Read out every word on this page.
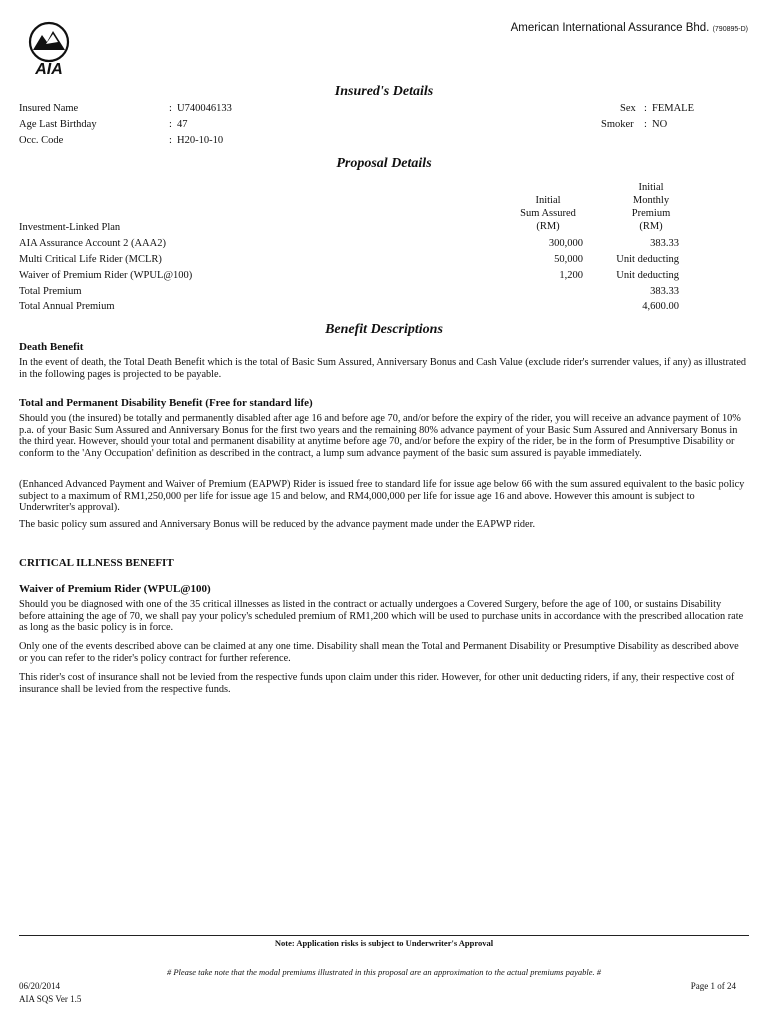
AIA
American International Assurance Bhd. (790895-D)
Insured's Details
Insured Name	: U740046133
Age Last Birthday	: 47
Occ. Code	: H20-10-10
Sex : FEMALE
Smoker : NO
Proposal Details
Initial
Sum Assured
(RM)
Initial
Monthly
Premium
(RM)
Investment-Linked Plan
AIA Assurance Account 2 (AAA2)	300,000	383.33
Multi Critical Life Rider (MCLR)	50,000	Unit deducting
Waiver of Premium Rider (WPUL@100)	1,200	Unit deducting
Total Premium	383.33
Total Annual Premium	4,600.00
Benefit Descriptions
Death Benefit
In the event of death, the Total Death Benefit which is the total of Basic Sum Assured, Anniversary Bonus and Cash Value (exclude rider's surrender values, if any) as illustrated in the following pages is projected to be payable.
Total and Permanent Disability Benefit (Free for standard life)
Should you (the insured) be totally and permanently disabled after age 16 and before age 70, and/or before the expiry of the rider, you will receive an advance payment of 10% p.a. of your Basic Sum Assured and Anniversary Bonus for the first two years and the remaining 80% advance payment of your Basic Sum Assured and Anniversary Bonus in the third year. However, should your total and permanent disability at anytime before age 70, and/or before the expiry of the rider, be in the form of Presumptive Disability or conform to the 'Any Occupation' definition as described in the contract, a lump sum advance payment of the basic sum assured is payable immediately.
(Enhanced Advanced Payment and Waiver of Premium (EAPWP) Rider is issued free to standard life for issue age below 66 with the sum assured equivalent to the basic policy subject to a maximum of RM1,250,000 per life for issue age 15 and below, and RM4,000,000 per life for issue age 16 and above. However this amount is subject to Underwriter's approval).
The basic policy sum assured and Anniversary Bonus will be reduced by the advance payment made under the EAPWP rider.
CRITICAL ILLNESS BENEFIT
Waiver of Premium Rider (WPUL@100)
Should you be diagnosed with one of the 35 critical illnesses as listed in the contract or actually undergoes a Covered Surgery, before the age of 100, or sustains Disability before attaining the age of 70, we shall pay your policy's scheduled premium of RM1,200 which will be used to purchase units in accordance with the prescribed allocation rate as long as the basic policy is in force.
Only one of the events described above can be claimed at any one time. Disability shall mean the Total and Permanent Disability or Presumptive Disability as described above or you can refer to the rider's policy contract for further reference.
This rider's cost of insurance shall not be levied from the respective funds upon claim under this rider. However, for other unit deducting riders, if any, their respective cost of insurance shall be levied from the respective funds.
Note: Application risks is subject to Underwriter's Approval
# Please take note that the modal premiums illustrated in this proposal are an approximation to the actual premiums payable. #
06/20/2014
AIA SQS Ver 1.5
Page 1 of 24
